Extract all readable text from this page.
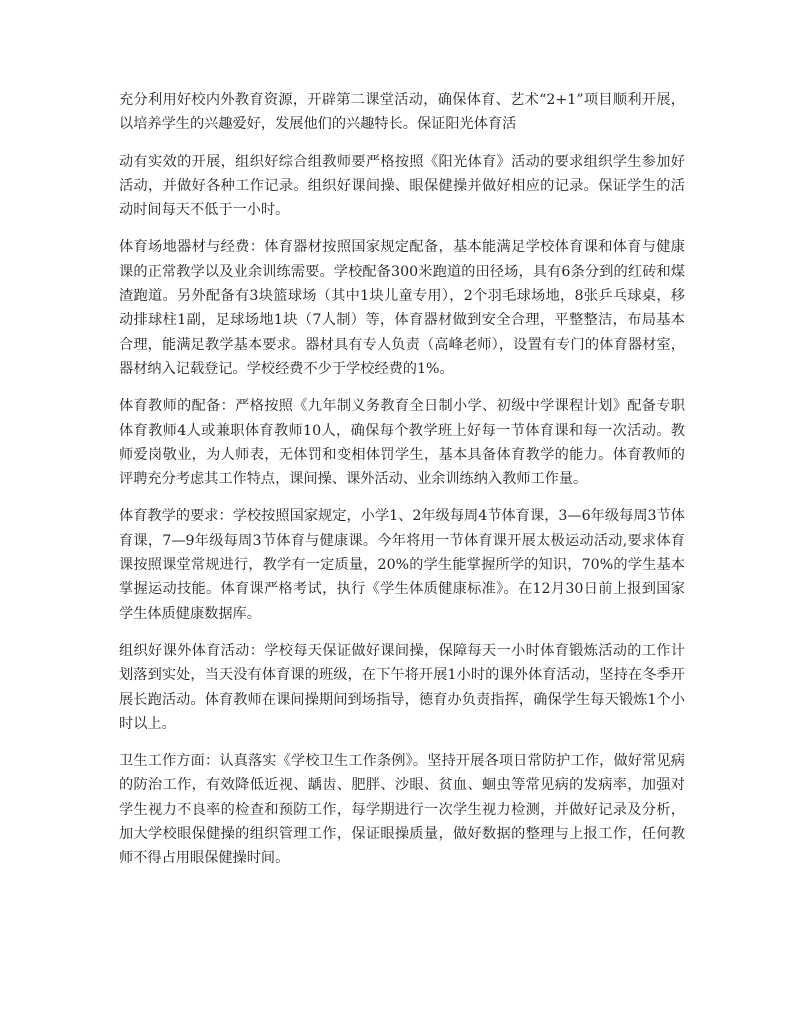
充分利用好校内外教育资源，开辟第二课堂活动，确保体育、艺术“2+1”项目顺利开展，以培养学生的兴趣爱好，发展他们的兴趣特长。保证阳光体育活

动有实效的开展，组织好综合组教师要严格按照《阳光体育》活动的要求组织学生参加好活动，并做好各种工作记录。组织好课间操、眼保健操并做好相应的记录。保证学生的活动时间每天不低于一小时。

体育场地器材与经费：体育器材按照国家规定配备，基本能满足学校体育课和体育与健康课的正常教学以及业余训练需要。学校配备300米跑道的田径场，具有6条分到的红砖和煤渣跑道。另外配备有3块篮球场（其中1块儿童专用），2个羽毛球场地，8张乒乓球桌，移动排球柱1副，足球场地1块（7人制）等，体育器材做到安全合理，平整整洁，布局基本合理，能满足教学基本要求。器材具有专人负责（高峰老师），设置有专门的体育器材室，器材纳入记载登记。学校经费不少于学校经费的1%。

体育教师的配备：严格按照《九年制义务教育全日制小学、初级中学课程计划》配备专职体育教师4人或兼职体育教师10人，确保每个教学班上好每一节体育课和每一次活动。教师爱岗敬业，为人师表，无体罚和变相体罚学生，基本具备体育教学的能力。体育教师的评聘充分考虑其工作特点，课间操、课外活动、业余训练纳入教师工作量。

体育教学的要求：学校按照国家规定，小学1、2年级每周4节体育课，3—6年级每周3节体育课，7—9年级每周3节体育与健康课。今年将用一节体育课开展太极运动活动,要求体育课按照课堂常规进行，教学有一定质量，20%的学生能掌握所学的知识，70%的学生基本掌握运动技能。体育课严格考试，执行《学生体质健康标准》。在12月30日前上报到国家学生体质健康数据库。

组织好课外体育活动：学校每天保证做好课间操，保障每天一小时体育锻炼活动的工作计划落到实处，当天没有体育课的班级，在下午将开展1小时的课外体育活动，坚持在冬季开展长跑活动。体育教师在课间操期间到场指导，德育办负责指挥，确保学生每天锻炼1个小时以上。

卫生工作方面：认真落实《学校卫生工作条例》。坚持开展各项日常防护工作，做好常见病的防治工作，有效降低近视、龋齿、肥胖、沙眼、贫血、蛔虫等常见病的发病率，加强对学生视力不良率的检查和预防工作，每学期进行一次学生视力检测，并做好记录及分析，加大学校眼保健操的组织管理工作，保证眼操质量，做好数据的整理与上报工作，任何教师不得占用眼保健操时间。
